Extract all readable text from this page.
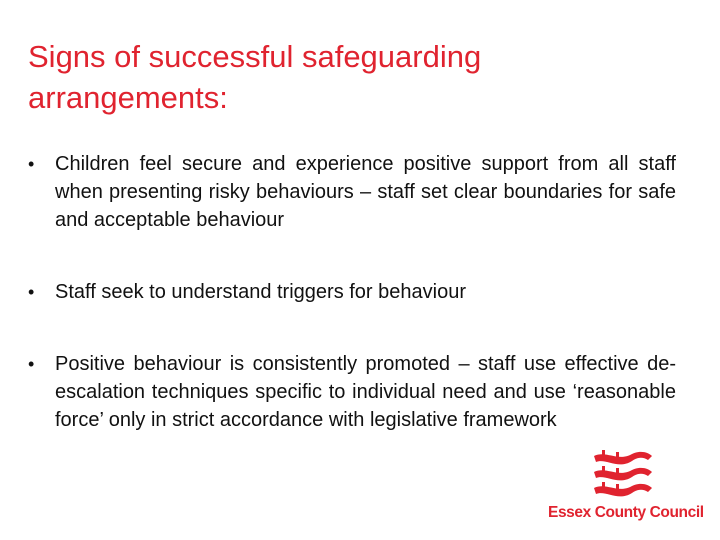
Signs of successful safeguarding arrangements:
• Children feel secure and experience positive support from all staff when presenting risky behaviours – staff set clear boundaries for safe and acceptable behaviour
• Staff seek to understand triggers for behaviour
• Positive behaviour is consistently promoted – staff use effective de-escalation techniques specific to individual need and use ‘reasonable force’ only in strict accordance with legislative framework
Essex County Council
